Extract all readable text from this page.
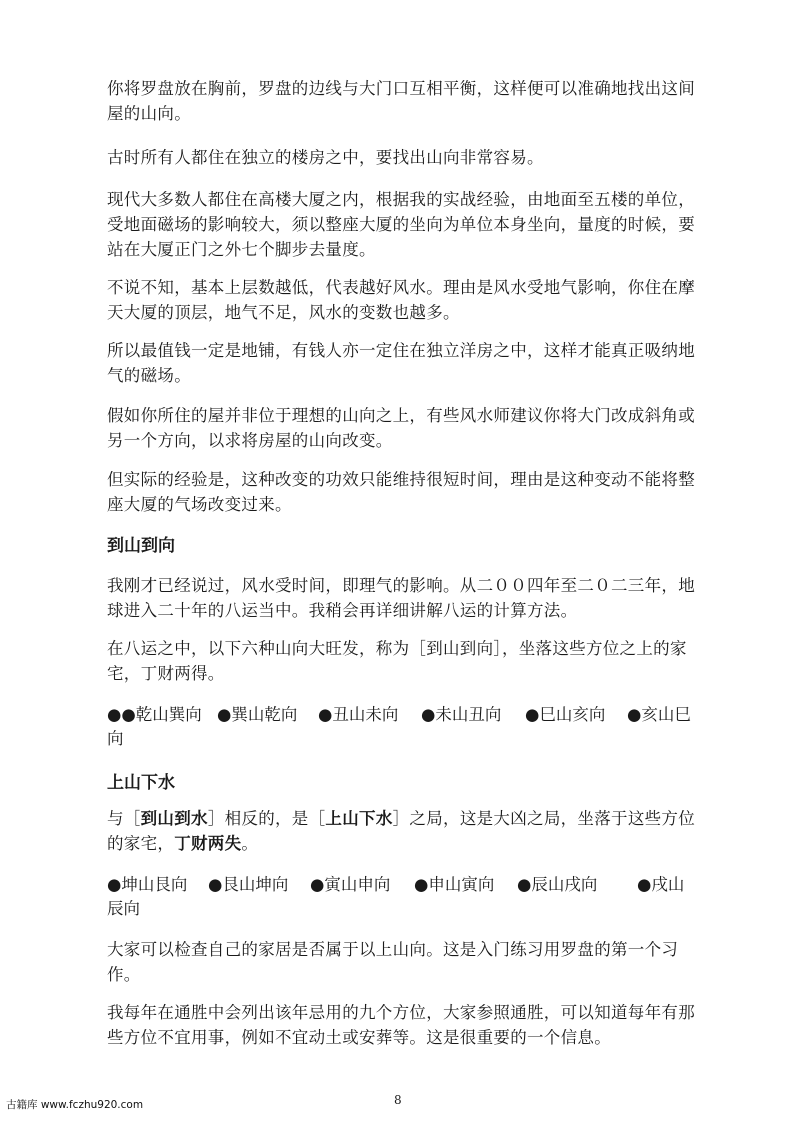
你将罗盘放在胸前，罗盘的边线与大门口互相平衡，这样便可以准确地找出这间
屋的山向。

古时所有人都住在独立的楼房之中，要找出山向非常容易。

现代大多数人都住在高楼大厦之内，根据我的实战经验，由地面至五楼的单位，
受地面磁场的影响较大，须以整座大厦的坐向为单位本身坐向，量度的时候，要
站在大厦正门之外七个脚步去量度。

不说不知，基本上层数越低，代表越好风水。理由是风水受地气影响，你住在摩
天大厦的顶层，地气不足，风水的变数也越多。

所以最值钱一定是地铺，有钱人亦一定住在独立洋房之中，这样才能真正吸纳地
气的磁场。

假如你所住的屋并非位于理想的山向之上，有些风水师建议你将大门改成斜角或
另一个方向，以求将房屋的山向改变。

但实际的经验是，这种改变的功效只能维持很短时间，理由是这种变动不能将整
座大厦的气场改变过来。

到山到向

我刚才已经说过，风水受时间，即理气的影响。从二００四年至二０二三年，地
球进入二十年的八运当中。我稍会再详细讲解八运的计算方法。

在八运之中，以下六种山向大旺发，称为［到山到向］，坐落这些方位之上的家
宅，丁财两得。

●●乾山巽向 ●巽山乾向 ●丑山未向 ●未山丑向 ●巳山亥向 ●亥山巳
向
上山下水

与［到山到水］相反的，是［上山下水］之局，这是大凶之局，坐落于这些方位
的家宅，丁财两失。

●坤山艮向 ●艮山坤向 ●寅山申向 ●申山寅向 ●辰山戌向 ●戌山
辰向

大家可以检查自己的家居是否属于以上山向。这是入门练习用罗盘的第一个习
作。

我每年在通胜中会列出该年忌用的九个方位，大家参照通胜，可以知道每年有那
些方位不宜用事，例如不宜动土或安葬等。这是很重要的一个信息。

8
古籍库 www.fczhu920.com
